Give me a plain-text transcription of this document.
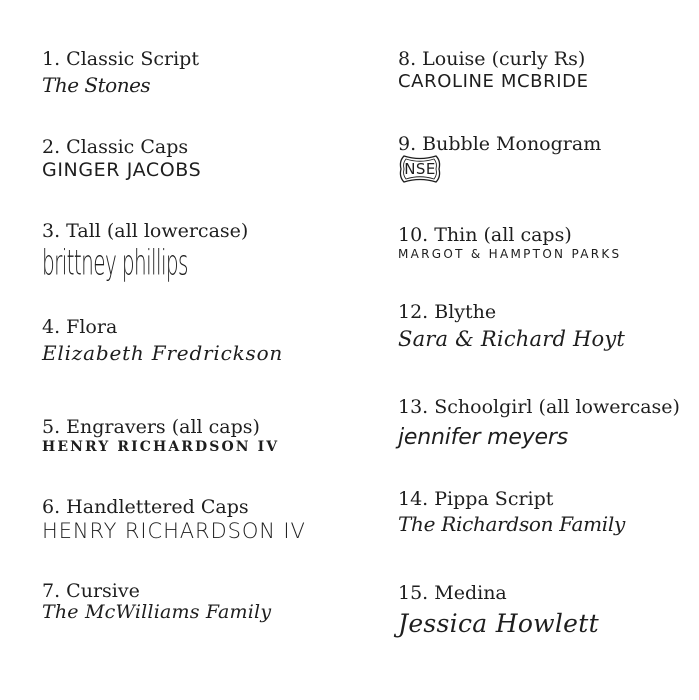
1. Classic Script
The Stones
2. Classic Caps
GINGER JACOBS
3. Tall (all lowercase)
brittney phillips
4. Flora
Elizabeth Fredrickson
5. Engravers (all caps)
HENRY RICHARDSON IV
6. Handlettered Caps
HENRY RICHARDSON IV
7. Cursive
The McWilliams Family
8. Louise (curly Rs)
CAROLINE MCBRIDE
9. Bubble Monogram
NSE
10. Thin (all caps)
MARGOT & HAMPTON PARKS
12. Blythe
Sara & Richard Hoyt
13. Schoolgirl (all lowercase)
jennifer meyers
14. Pippa Script
The Richardson Family
15. Medina
Jessica Howlett
